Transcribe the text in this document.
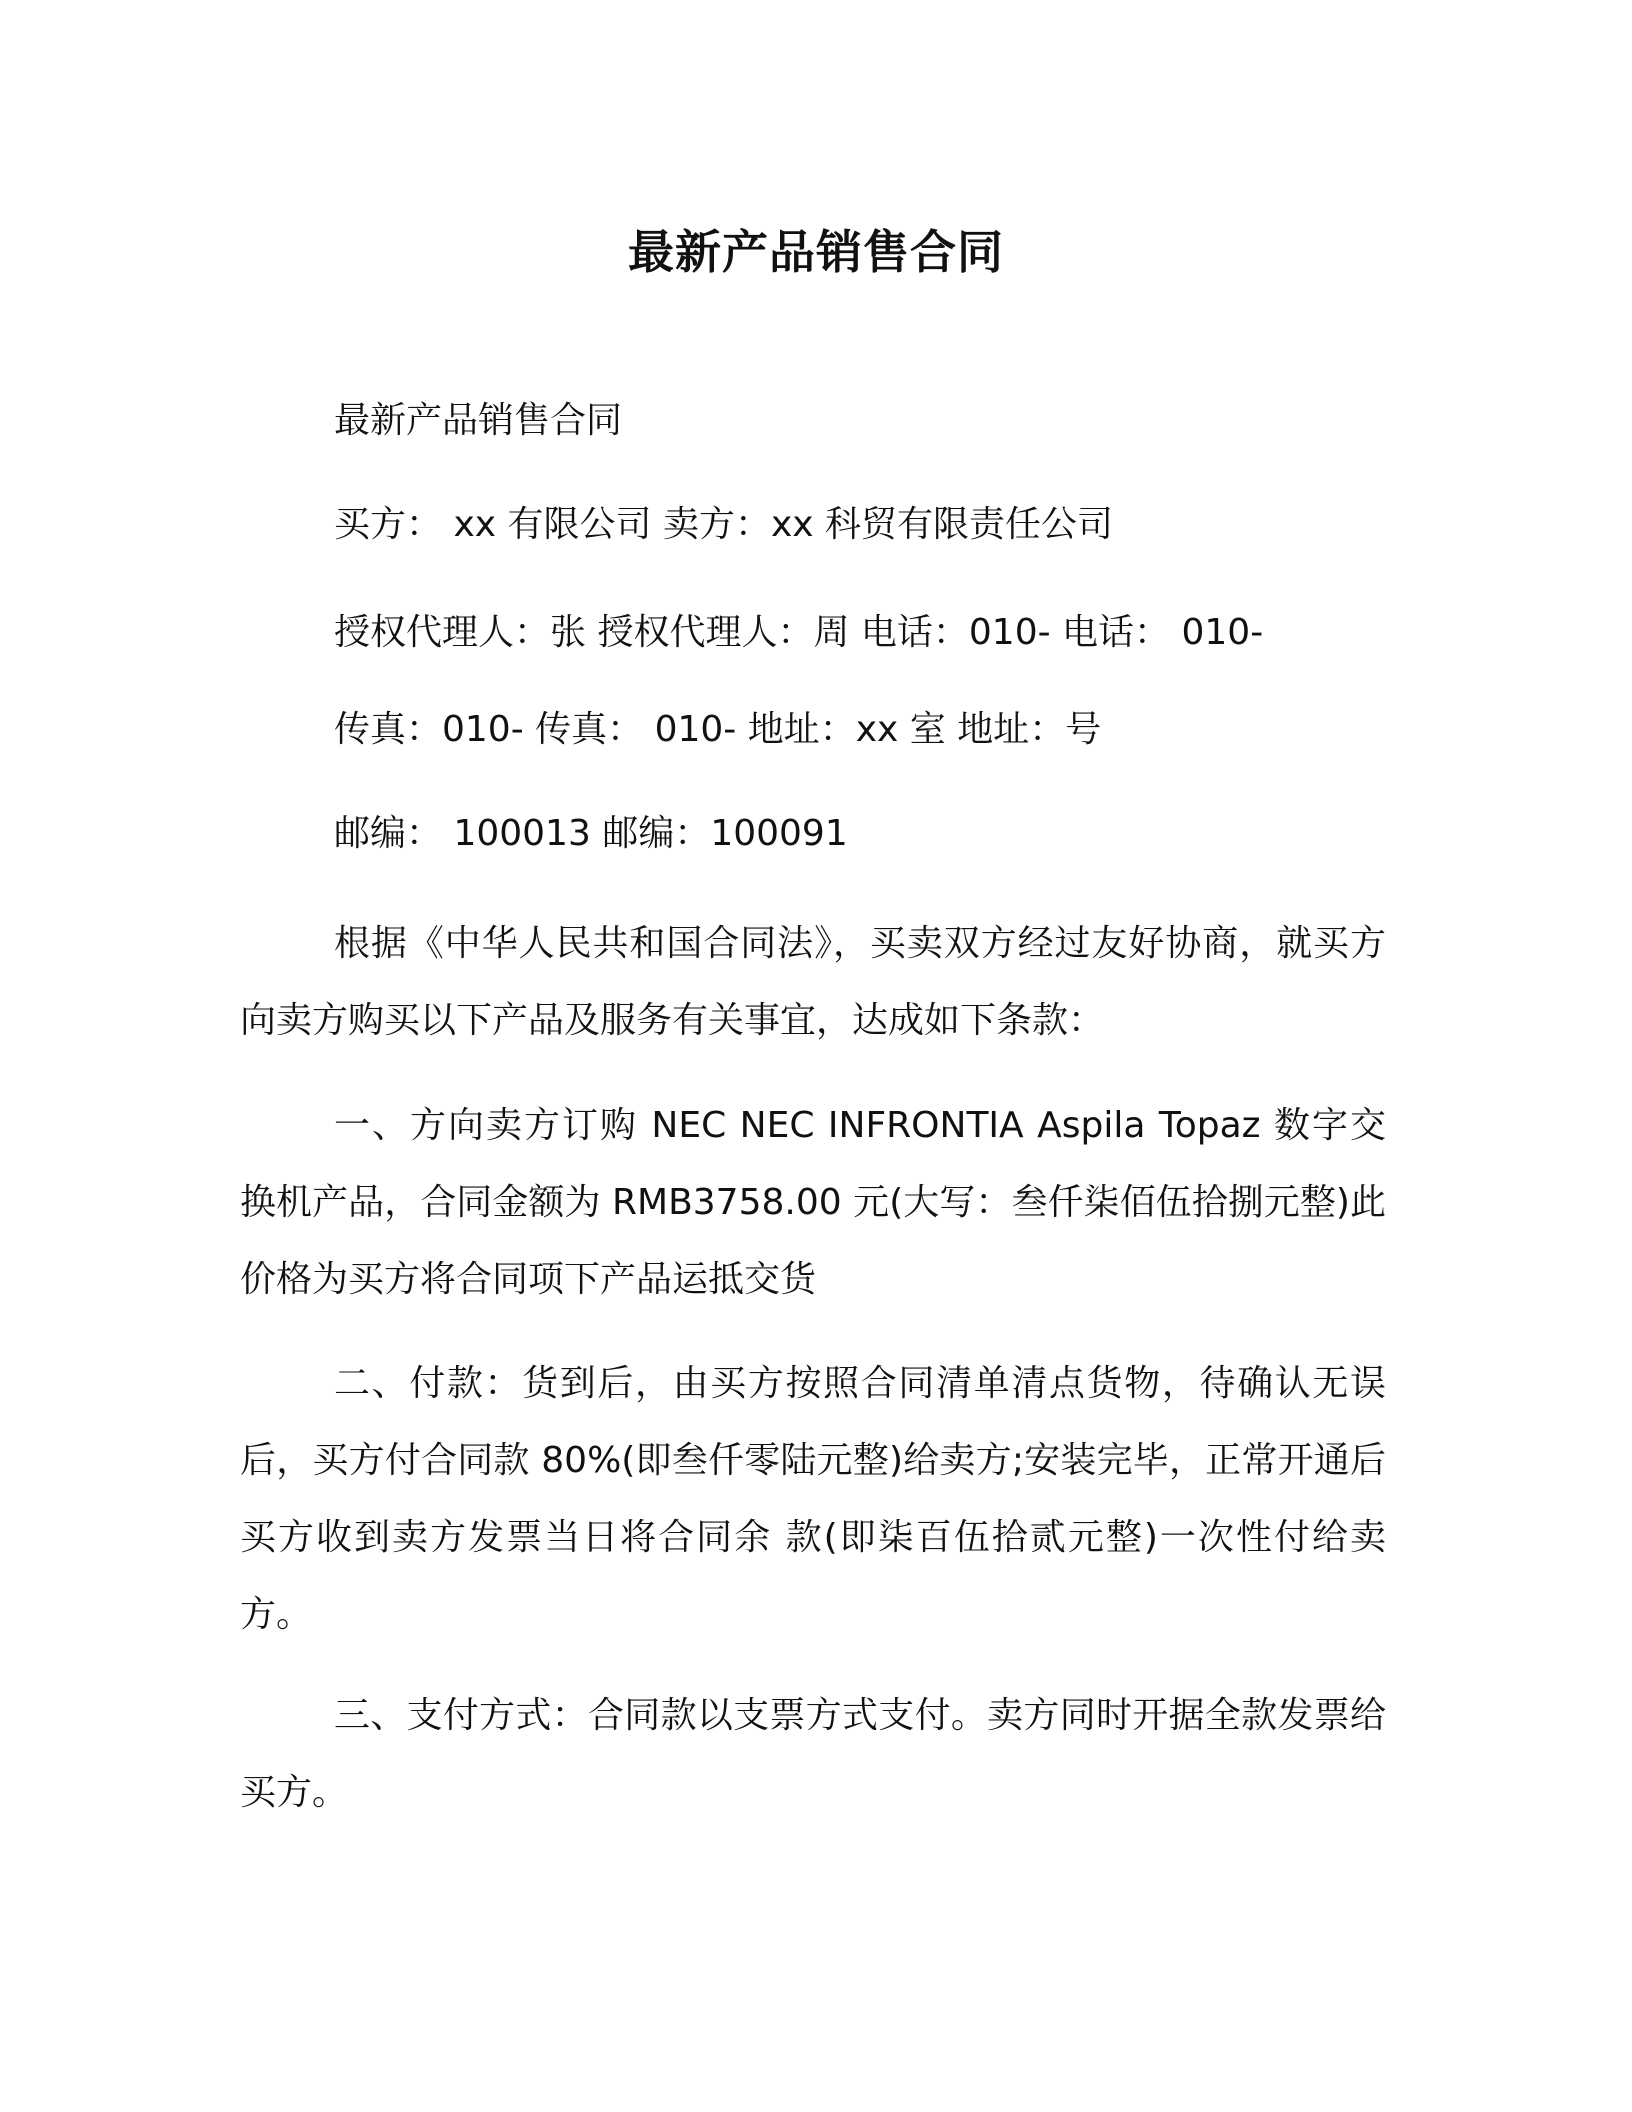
最新产品销售合同
最新产品销售合同
买方： xx 有限公司 卖方：xx 科贸有限责任公司
授权代理人：张 授权代理人：周 电话：010- 电话： 010-
传真：010- 传真： 010- 地址：xx 室 地址：号
邮编： 100013 邮编：100091

根据《中华人民共和国合同法》，买卖双方经过友好协商，就买方向卖方购买以下产品及服务有关事宜，达成如下条款：

一、方向卖方订购 NEC NEC INFRONTIA Aspila Topaz 数字交换机产品，合同金额为 RMB3758.00 元(大写：叁仟柒佰伍拾捌元整)此价格为买方将合同项下产品运抵交货

二、付款：货到后，由买方按照合同清单清点货物，待确认无误后，买方付合同款 80%(即叁仟零陆元整)给卖方;安装完毕，正常开通后买方收到卖方发票当日将合同余 款(即柒百伍拾贰元整)一次性付给卖方。

三、支付方式：合同款以支票方式支付。卖方同时开据全款发票给买方。
